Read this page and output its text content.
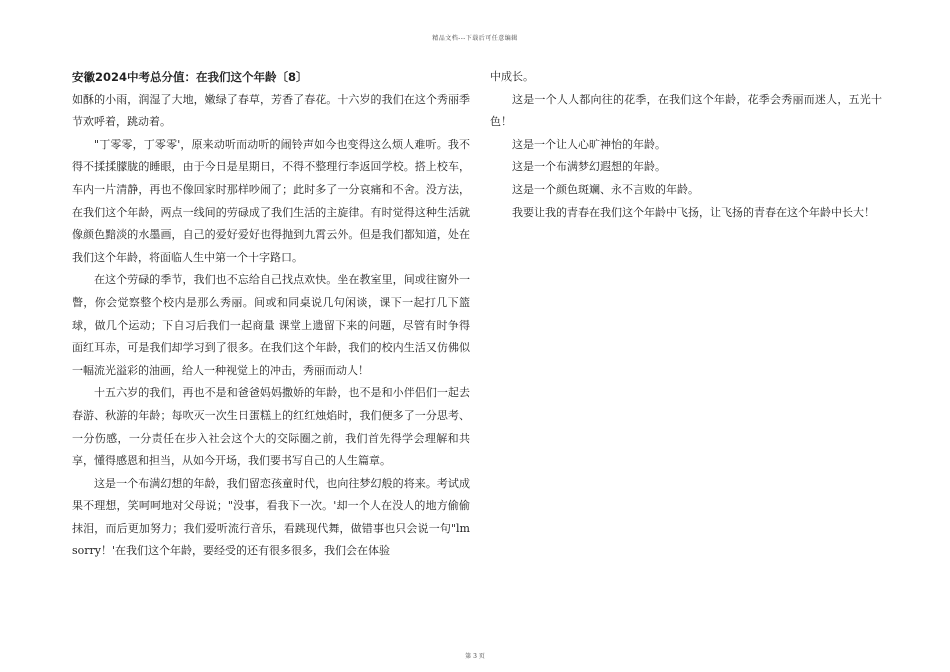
精品文档---下载后可任意编辑

安徽2024中考总分值：在我们这个年龄〔8〕

如酥的小雨，润湿了大地，嫩绿了春草，芳香了春花。十六岁的我们在这个秀丽季节欢呼着，跳动着。

"丁零零，丁零零'，原来动听而动听的闹铃声如今也变得这么烦人难听。我不得不揉揉朦胧的睡眼，由于今日是星期日，不得不整理行李返回学校。搭上校车，车内一片清静，再也不像回家时那样吵闹了；此时多了一分哀痛和不舍。没方法，在我们这个年龄，两点一线间的劳碌成了我们生活的主旋律。有时觉得这种生活就像颜色黯淡的水墨画，自己的爱好爱好也得抛到九霄云外。但是我们都知道，处在我们这个年龄，将面临人生中第一个十字路口。

在这个劳碌的季节，我们也不忘给自己找点欢快。坐在教室里，间或往窗外一瞥，你会觉察整个校内是那么秀丽。间或和同桌说几句闲谈，课下一起打几下篮球，做几个运动；下自习后我们一起商量 课堂上遗留下来的问题，尽管有时争得面红耳赤，可是我们却学习到了很多。在我们这个年龄，我们的校内生活又仿佛似一幅流光溢彩的油画，给人一种视觉上的冲击，秀丽而动人！

十五六岁的我们，再也不是和爸爸妈妈撒娇的年龄，也不是和小伴侣们一起去春游、秋游的年龄；每吹灭一次生日蛋糕上的红红烛焰时，我们便多了一分思考、一分伤感，一分责任在步入社会这个大的交际圈之前，我们首先得学会理解和共享，懂得感恩和担当，从如今开场，我们要书写自己的人生篇章。

这是一个布满幻想的年龄，我们留恋孩童时代，也向往梦幻般的将来。考试成果不理想，笑呵呵地对父母说；"没事，看我下一次。'却一个人在没人的地方偷偷抹泪，而后更加努力；我们爱听流行音乐，看跳现代舞，做错事也只会说一句"lmsorry！'在我们这个年龄，要经受的还有很多很多，我们会在体验

中成长。

这是一个人人都向往的花季，在我们这个年龄，花季会秀丽而迷人，五光十色！

这是一个让人心旷神怡的年龄。

这是一个布满梦幻遐想的年龄。

这是一个颜色斑斓、永不言败的年龄。

我要让我的青春在我们这个年龄中飞扬，让飞扬的青春在这个年龄中长大！

第 3 页
